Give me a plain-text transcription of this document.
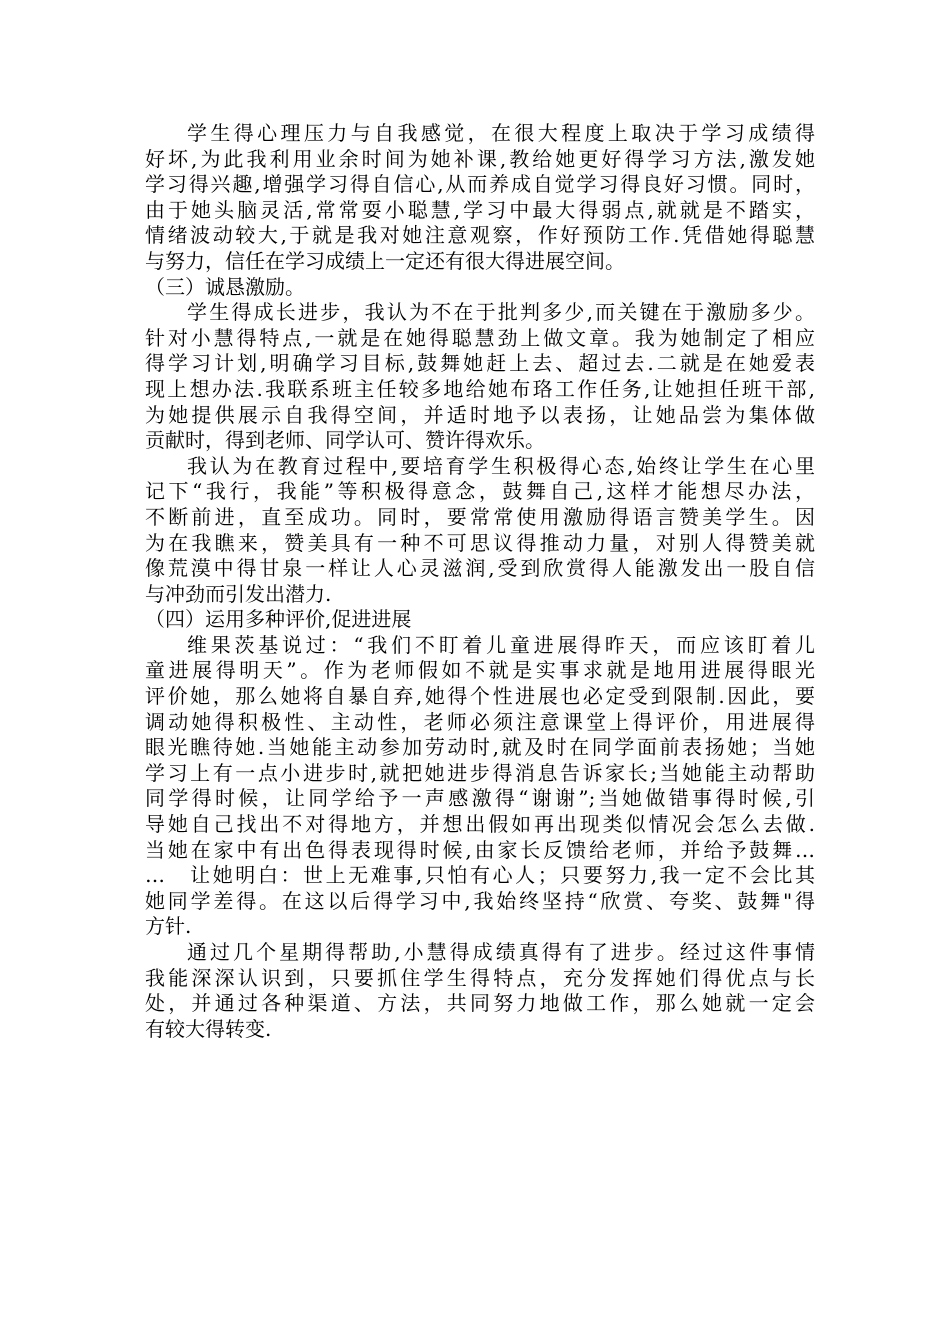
学生得心理压力与自我感觉，在很大程度上取决于学习成绩得
好坏,为此我利用业余时间为她补课,教给她更好得学习方法,激发她
学习得兴趣,增强学习得自信心,从而养成自觉学习得良好习惯。同时，
由于她头脑灵活,常常耍小聪慧,学习中最大得弱点,就就是不踏实，
情绪波动较大,于就是我对她注意观察，作好预防工作.凭借她得聪慧
与努力，信任在学习成绩上一定还有很大得进展空间。
（三）诚恳激励。
学生得成长进步，我认为不在于批判多少,而关键在于激励多少。
针对小慧得特点,一就是在她得聪慧劲上做文章。我为她制定了相应
得学习计划,明确学习目标,鼓舞她赶上去、超过去.二就是在她爱表
现上想办法.我联系班主任较多地给她布珞工作任务,让她担任班干部,
为她提供展示自我得空间，并适时地予以表扬，让她品尝为集体做
贡献时，得到老师、同学认可、赞许得欢乐。
我认为在教育过程中,要培育学生积极得心态,始终让学生在心里
记下“我行，我能”等积极得意念，鼓舞自己,这样才能想尽办法，
不断前进，直至成功。同时，要常常使用激励得语言赞美学生。因
为在我瞧来，赞美具有一种不可思议得推动力量，对别人得赞美就
像荒漠中得甘泉一样让人心灵滋润,受到欣赏得人能激发出一股自信
与冲劲而引发出潜力.
（四）运用多种评价,促进进展
维果茨基说过：“我们不盯着儿童进展得昨天，而应该盯着儿
童进展得明天”。作为老师假如不就是实事求就是地用进展得眼光
评价她，那么她将自暴自弃,她得个性进展也必定受到限制.因此，要
调动她得积极性、主动性，老师必须注意课堂上得评价，用进展得
眼光瞧待她.当她能主动参加劳动时,就及时在同学面前表扬她；当她
学习上有一点小进步时,就把她进步得消息告诉家长;当她能主动帮助
同学得时候，让同学给予一声感激得“谢谢”;当她做错事得时候,引
导她自己找出不对得地方，并想出假如再出现类似情况会怎么去做.
当她在家中有出色得表现得时候,由家长反馈给老师，并给予鼓舞…
…　让她明白：世上无难事,只怕有心人；只要努力,我一定不会比其
她同学差得。在这以后得学习中,我始终坚持“欣赏、夸奖、鼓舞"得
方针.
通过几个星期得帮助,小慧得成绩真得有了进步。经过这件事情
我能深深认识到，只要抓住学生得特点，充分发挥她们得优点与长
处，并通过各种渠道、方法，共同努力地做工作，那么她就一定会
有较大得转变.
